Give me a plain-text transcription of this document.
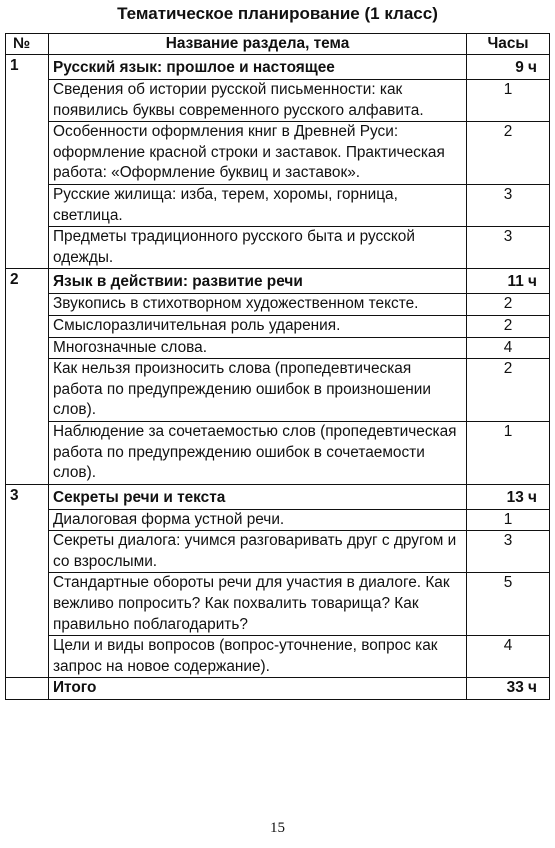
Тематическое планирование (1 класс)
№	Название раздела, тема	Часы
1	Русский язык: прошлое и настоящее	9 ч
	Сведения об истории русской письменности: как появились буквы современного русского алфавита.	1
	Особенности оформления книг в Древней Руси: оформление красной строки и заставок. Практическая работа: «Оформление буквиц и заставок».	2
	Русские жилища: изба, терем, хоромы, горница, светлица.	3
	Предметы традиционного русского быта и русской одежды.	3
2	Язык в действии: развитие речи	11 ч
	Звукопись в стихотворном художественном тексте.	2
	Смыслоразличительная роль ударения.	2
	Многозначные слова.	4
	Как нельзя произносить слова (пропедевтическая работа по предупреждению ошибок в произношении слов).	2
	Наблюдение за сочетаемостью слов (пропедевтическая работа по предупреждению ошибок в сочетаемости слов).	1
3	Секреты речи и текста	13 ч
	Диалоговая форма устной речи.	1
	Секреты диалога: учимся разговаривать друг с другом и со взрослыми.	3
	Стандартные обороты речи для участия в диалоге. Как вежливо попросить? Как похвалить товарища? Как правильно поблагодарить?	5
	Цели и виды вопросов (вопрос-уточнение, вопрос как запрос на новое содержание).	4
	Итого	33 ч
15
